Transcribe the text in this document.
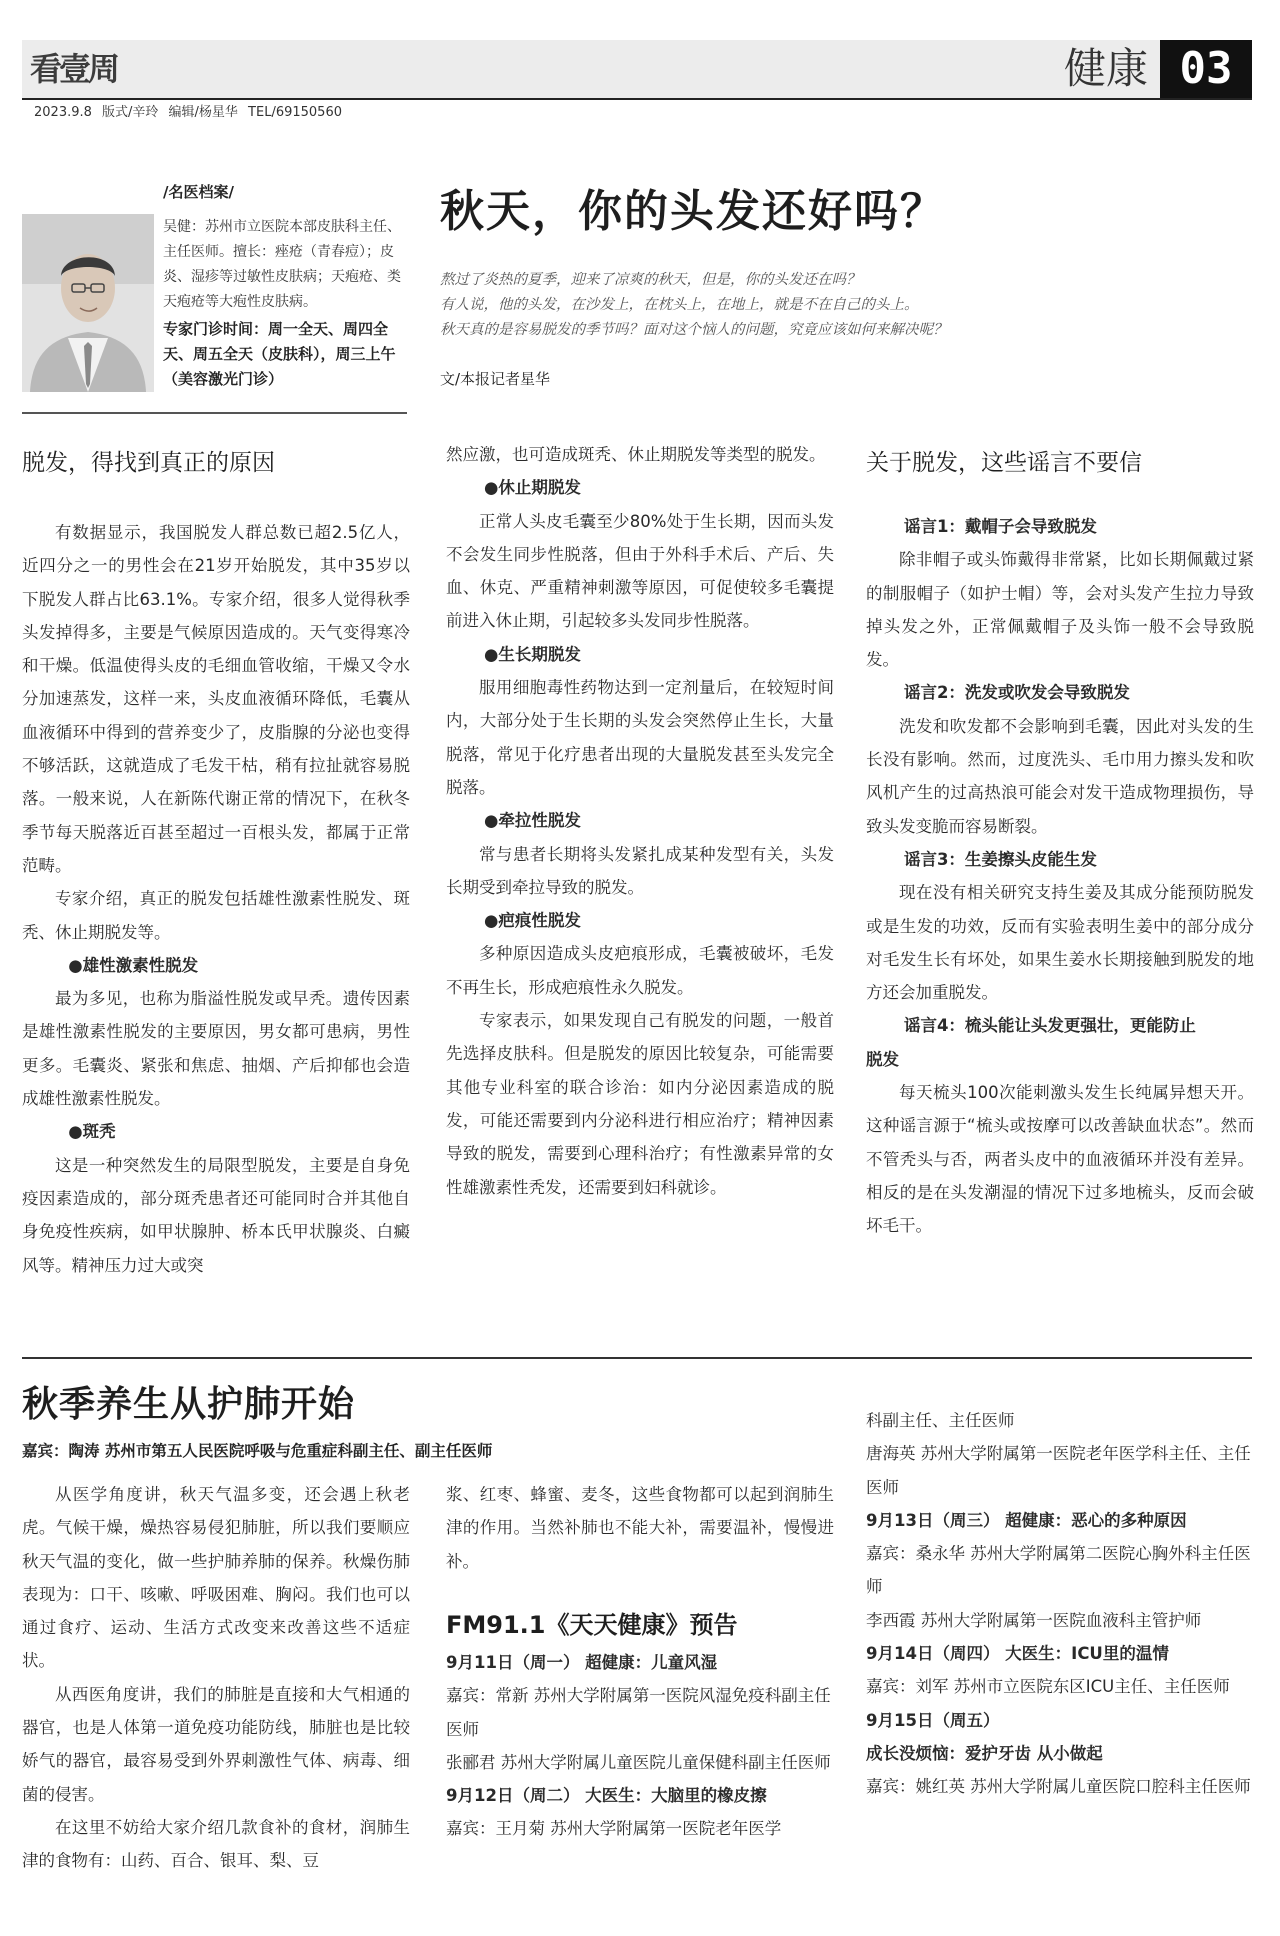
看壹周	健康 03
2023.9.8 版式/辛玲 编辑/杨星华 TEL/69150560
/名医档案/
吴健：苏州市立医院本部皮肤科主任、主任医师。擅长：痤疮（青春痘）；皮炎、湿疹等过敏性皮肤病；天疱疮、类天疱疮等大疱性皮肤病。
专家门诊时间：周一全天、周四全天、周五全天（皮肤科），周三上午（美容激光门诊）
秋天，你的头发还好吗？
熬过了炎热的夏季，迎来了凉爽的秋天，但是，你的头发还在吗？
有人说，他的头发，在沙发上，在枕头上，在地上，就是不在自己的头上。
秋天真的是容易脱发的季节吗？面对这个恼人的问题，究竟应该如何来解决呢？
文/本报记者星华
脱发，得找到真正的原因

有数据显示，我国脱发人群总数已超2.5亿人，近四分之一的男性会在21岁开始脱发，其中35岁以下脱发人群占比63.1%。专家介绍，很多人觉得秋季头发掉得多，主要是气候原因造成的。天气变得寒冷和干燥。低温使得头皮的毛细血管收缩，干燥又令水分加速蒸发，这样一来，头皮血液循环降低，毛囊从血液循环中得到的营养变少了，皮脂腺的分泌也变得不够活跃，这就造成了毛发干枯，稍有拉扯就容易脱落。一般来说，人在新陈代谢正常的情况下，在秋冬季节每天脱落近百甚至超过一百根头发，都属于正常范畴。

专家介绍，真正的脱发包括雄性激素性脱发、斑秃、休止期脱发等。

●雄性激素性脱发

最为多见，也称为脂溢性脱发或早秃。遗传因素是雄性激素性脱发的主要原因，男女都可患病，男性更多。毛囊炎、紧张和焦虑、抽烟、产后抑郁也会造成雄性激素性脱发。

●斑秃

这是一种突然发生的局限型脱发，主要是自身免疫因素造成的，部分斑秃患者还可能同时合并其他自身免疫性疾病，如甲状腺肿、桥本氏甲状腺炎、白癜风等。精神压力过大或突

然应激，也可造成斑秃、休止期脱发等类型的脱发。
●休止期脱发

正常人头皮毛囊至少80%处于生长期，因而头发不会发生同步性脱落，但由于外科手术后、产后、失血、休克、严重精神刺激等原因，可促使较多毛囊提前进入休止期，引起较多头发同步性脱落。

●生长期脱发

服用细胞毒性药物达到一定剂量后，在较短时间内，大部分处于生长期的头发会突然停止生长，大量脱落，常见于化疗患者出现的大量脱发甚至头发完全脱落。

●牵拉性脱发

常与患者长期将头发紧扎成某种发型有关，头发长期受到牵拉导致的脱发。

●疤痕性脱发

多种原因造成头皮疤痕形成，毛囊被破坏，毛发不再生长，形成疤痕性永久脱发。

专家表示，如果发现自己有脱发的问题，一般首先选择皮肤科。但是脱发的原因比较复杂，可能需要其他专业科室的联合诊治：如内分泌因素造成的脱发，可能还需要到内分泌科进行相应治疗；精神因素导致的脱发，需要到心理科治疗；有性激素异常的女性雄激素性秃发，还需要到妇科就诊。

关于脱发，这些谣言不要信
谣言1：戴帽子会导致脱发

除非帽子或头饰戴得非常紧，比如长期佩戴过紧的制服帽子（如护士帽）等，会对头发产生拉力导致掉头发之外，正常佩戴帽子及头饰一般不会导致脱发。

谣言2：洗发或吹发会导致脱发

洗发和吹发都不会影响到毛囊，因此对头发的生长没有影响。然而，过度洗头、毛巾用力擦头发和吹风机产生的过高热浪可能会对发干造成物理损伤，导致头发变脆而容易断裂。

谣言3：生姜擦头皮能生发

现在没有相关研究支持生姜及其成分能预防脱发或是生发的功效，反而有实验表明生姜中的部分成分对毛发生长有坏处，如果生姜水长期接触到脱发的地方还会加重脱发。

谣言4：梳头能让头发更强壮，更能防止
脱发

每天梳头100次能刺激头发生长纯属异想天开。这种谣言源于“梳头或按摩可以改善缺血状态”。然而不管秃头与否，两者头皮中的血液循环并没有差异。相反的是在头发潮湿的情况下过多地梳头，反而会破坏毛干。

秋季养生从护肺开始
嘉宾：陶涛 苏州市第五人民医院呼吸与危重症科副主任、副主任医师

从医学角度讲，秋天气温多变，还会遇上秋老虎。气候干燥，燥热容易侵犯肺脏，所以我们要顺应秋天气温的变化，做一些护肺养肺的保养。秋燥伤肺表现为：口干、咳嗽、呼吸困难、胸闷。我们也可以通过食疗、运动、生活方式改变来改善这些不适症状。

从西医角度讲，我们的肺脏是直接和大气相通的器官，也是人体第一道免疫功能防线，肺脏也是比较娇气的器官，最容易受到外界刺激性气体、病毒、细菌的侵害。

在这里不妨给大家介绍几款食补的食材，润肺生津的食物有：山药、百合、银耳、梨、豆

浆、红枣、蜂蜜、麦冬，这些食物都可以起到润肺生津的作用。当然补肺也不能大补，需要温补，慢慢进补。
FM91.1《天天健康》预告
9月11日（周一） 超健康：儿童风湿
嘉宾：常新 苏州大学附属第一医院风湿免疫科副主任医师
张郦君 苏州大学附属儿童医院儿童保健科副主任医师
9月12日（周二） 大医生：大脑里的橡皮擦
嘉宾：王月菊 苏州大学附属第一医院老年医学
科副主任、主任医师
唐海英 苏州大学附属第一医院老年医学科主任、主任医师
9月13日（周三） 超健康：恶心的多种原因
嘉宾：桑永华 苏州大学附属第二医院心胸外科主任医师
李西霞 苏州大学附属第一医院血液科主管护师
9月14日（周四） 大医生：ICU里的温情
嘉宾：刘军 苏州市立医院东区ICU主任、主任医师
9月15日（周五）
成长没烦恼：爱护牙齿 从小做起
嘉宾：姚红英 苏州大学附属儿童医院口腔科主任医师
